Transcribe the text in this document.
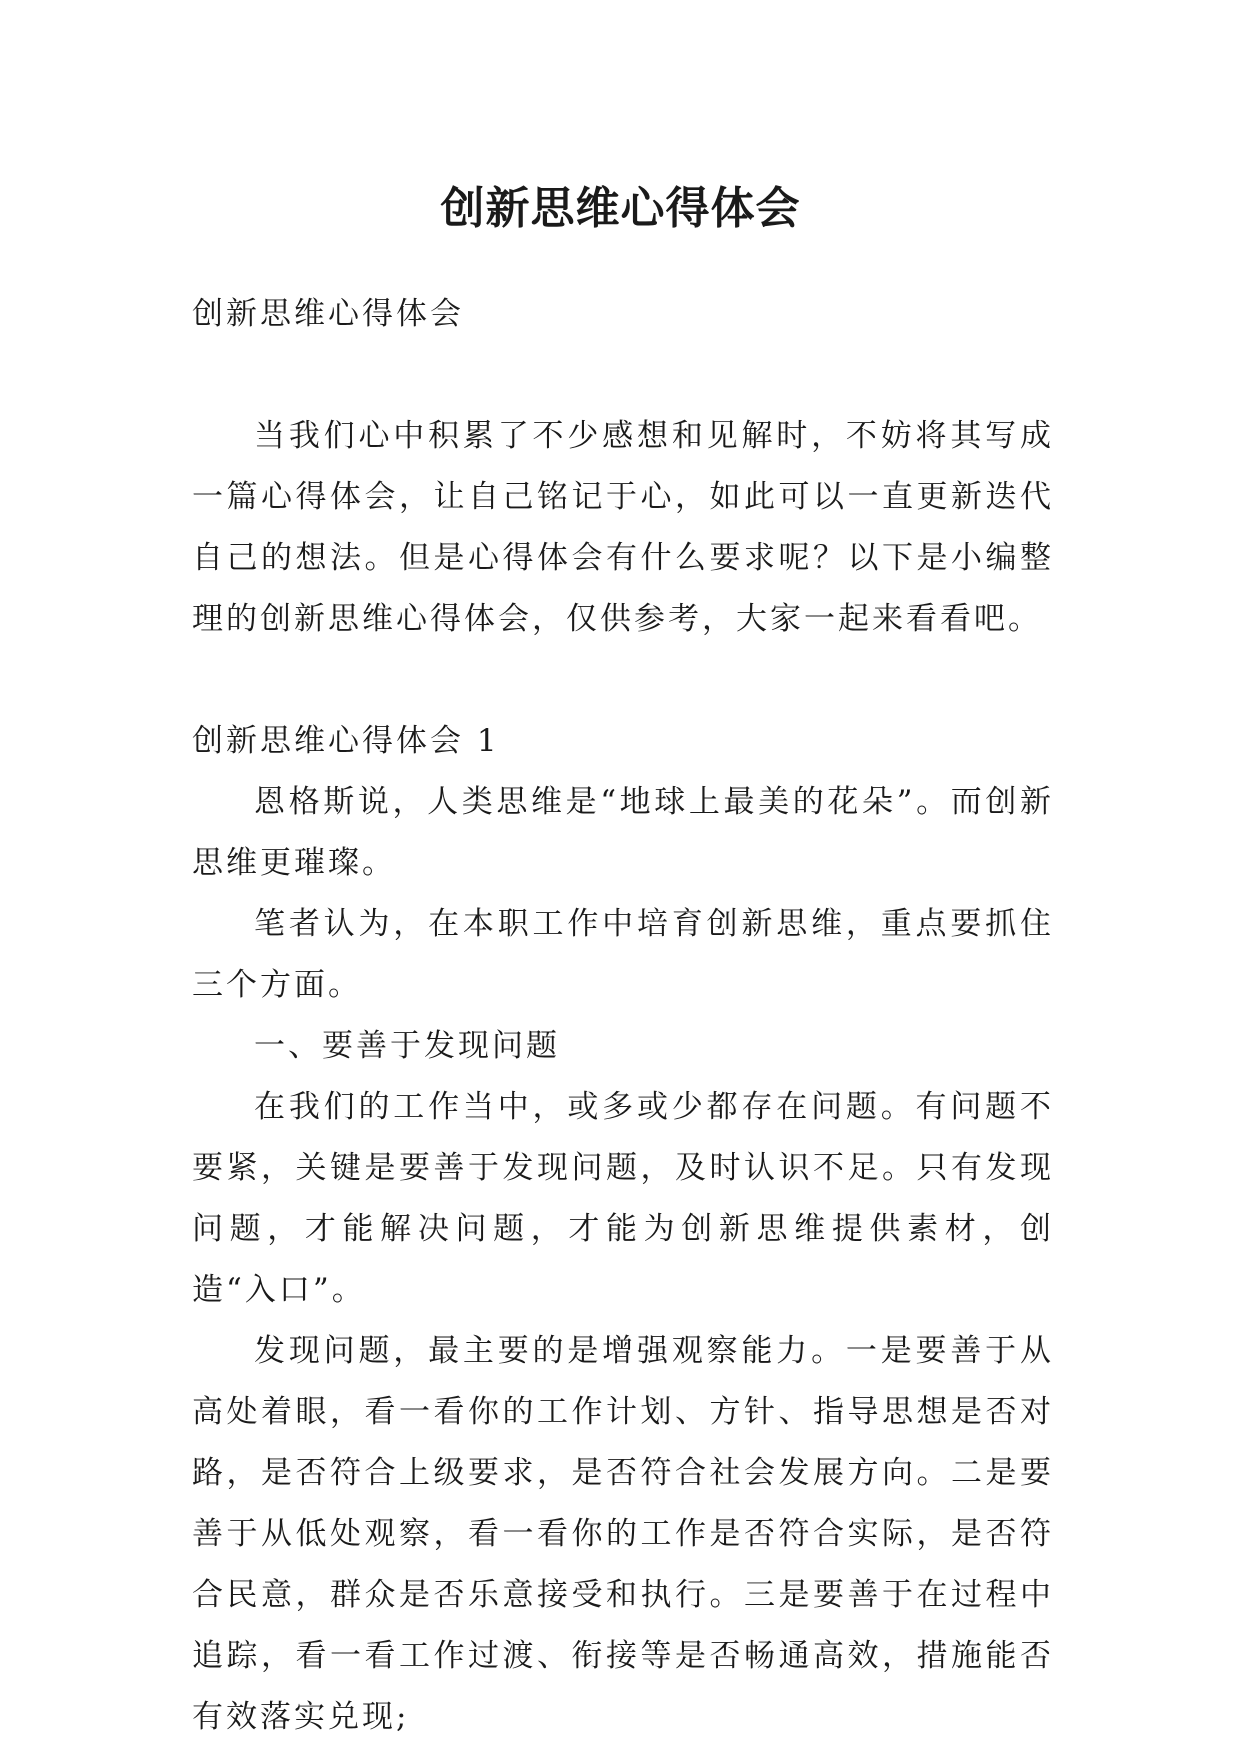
创新思维心得体会

创新思维心得体会

当我们心中积累了不少感想和见解时，不妨将其写成一篇心得体会，让自己铭记于心，如此可以一直更新迭代自己的想法。但是心得体会有什么要求呢？以下是小编整理的创新思维心得体会，仅供参考，大家一起来看看吧。

创新思维心得体会 1

恩格斯说，人类思维是“地球上最美的花朵”。而创新思维更璀璨。

笔者认为，在本职工作中培育创新思维，重点要抓住三个方面。

一、要善于发现问题

在我们的工作当中，或多或少都存在问题。有问题不要紧，关键是要善于发现问题，及时认识不足。只有发现问题，才能解决问题，才能为创新思维提供素材，创造“入口”。

发现问题，最主要的是增强观察能力。一是要善于从高处着眼，看一看你的工作计划、方针、指导思想是否对路，是否符合上级要求，是否符合社会发展方向。二是要善于从低处观察，看一看你的工作是否符合实际，是否符合民意，群众是否乐意接受和执行。三是要善于在过程中追踪，看一看工作过渡、衔接等是否畅通高效，措施能否有效落实兑现;
